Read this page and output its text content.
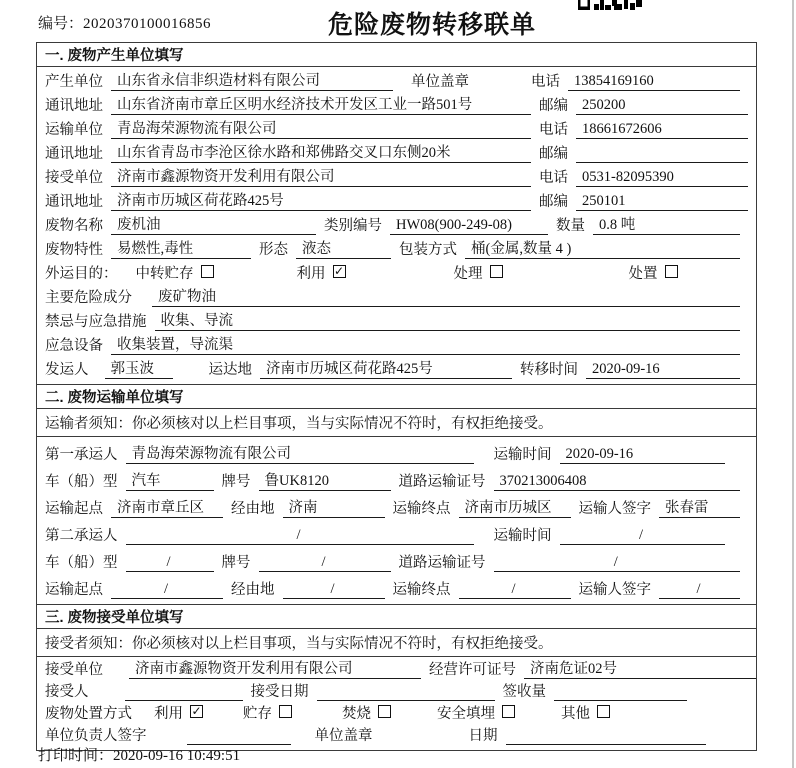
编号：2020370100016856	危险废物转移联单
一. 废物产生单位填写
产生单位 山东省永信非织造材料有限公司	单位盖章	电话 13854169160
通讯地址 山东省济南市章丘区明水经济技术开发区工业一路501号	邮编 250200
运输单位 青岛海荣源物流有限公司	电话 18661672606
通讯地址 山东省青岛市李沧区徐水路和郑佛路交叉口东侧20米	邮编
接受单位 济南市鑫源物资开发利用有限公司	电话 0531-82095390
通讯地址 济南市历城区荷花路425号	邮编 250101
废物名称 废机油	类别编号 HW08(900-249-08)	数量 0.8 吨
废物特性 易燃性,毒性	形态 液态	包装方式 桶(金属,数量 4 )
外运目的： 中转贮存	利用 ✓	处理	处置
主要危险成分	废矿物油
禁忌与应急措施 收集、导流
应急设备 收集装置，导流渠
发运人	郭玉波	运达地 济南市历城区荷花路425号	转移时间 2020-09-16
二. 废物运输单位填写
运输者须知：你必须核对以上栏目事项，当与实际情况不符时，有权拒绝接受。
第一承运人 青岛海荣源物流有限公司	运输时间 2020-09-16
车（船）型 汽车	牌号 鲁UK8120	道路运输证号 370213006408
运输起点 济南市章丘区	经由地 济南	运输终点 济南市历城区	运输人签字 张春雷
第二承运人	/	运输时间	/
车（船）型	/	牌号	/	道路运输证号	/
运输起点	/	经由地	/	运输终点	/	运输人签字	/
三. 废物接受单位填写
接受者须知：你必须核对以上栏目事项，当与实际情况不符时，有权拒绝接受。
接受单位	济南市鑫源物资开发利用有限公司	经营许可证号 济南危证02号
接受人	接受日期	签收量
废物处置方式 利用 ✓	贮存	焚烧	安全填埋	其他
单位负责人签字	单位盖章	日期
打印时间：2020-09-16 10:49:51
